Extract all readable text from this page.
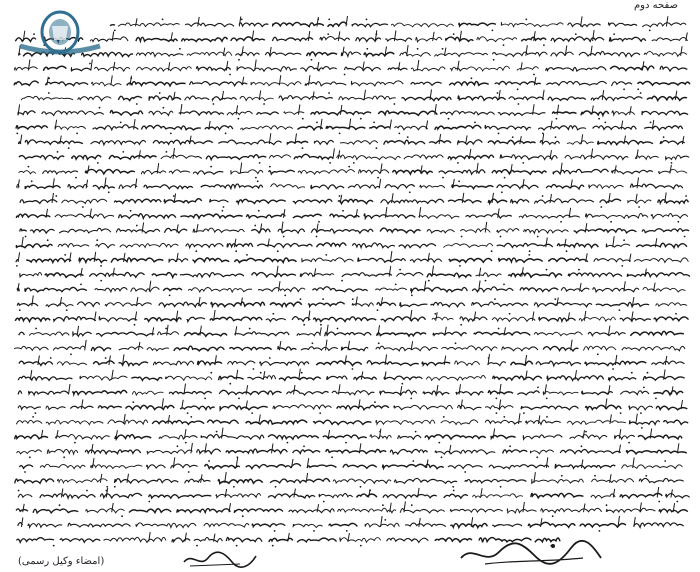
صفحه دوم
(امضاء وکیل رسمی)
